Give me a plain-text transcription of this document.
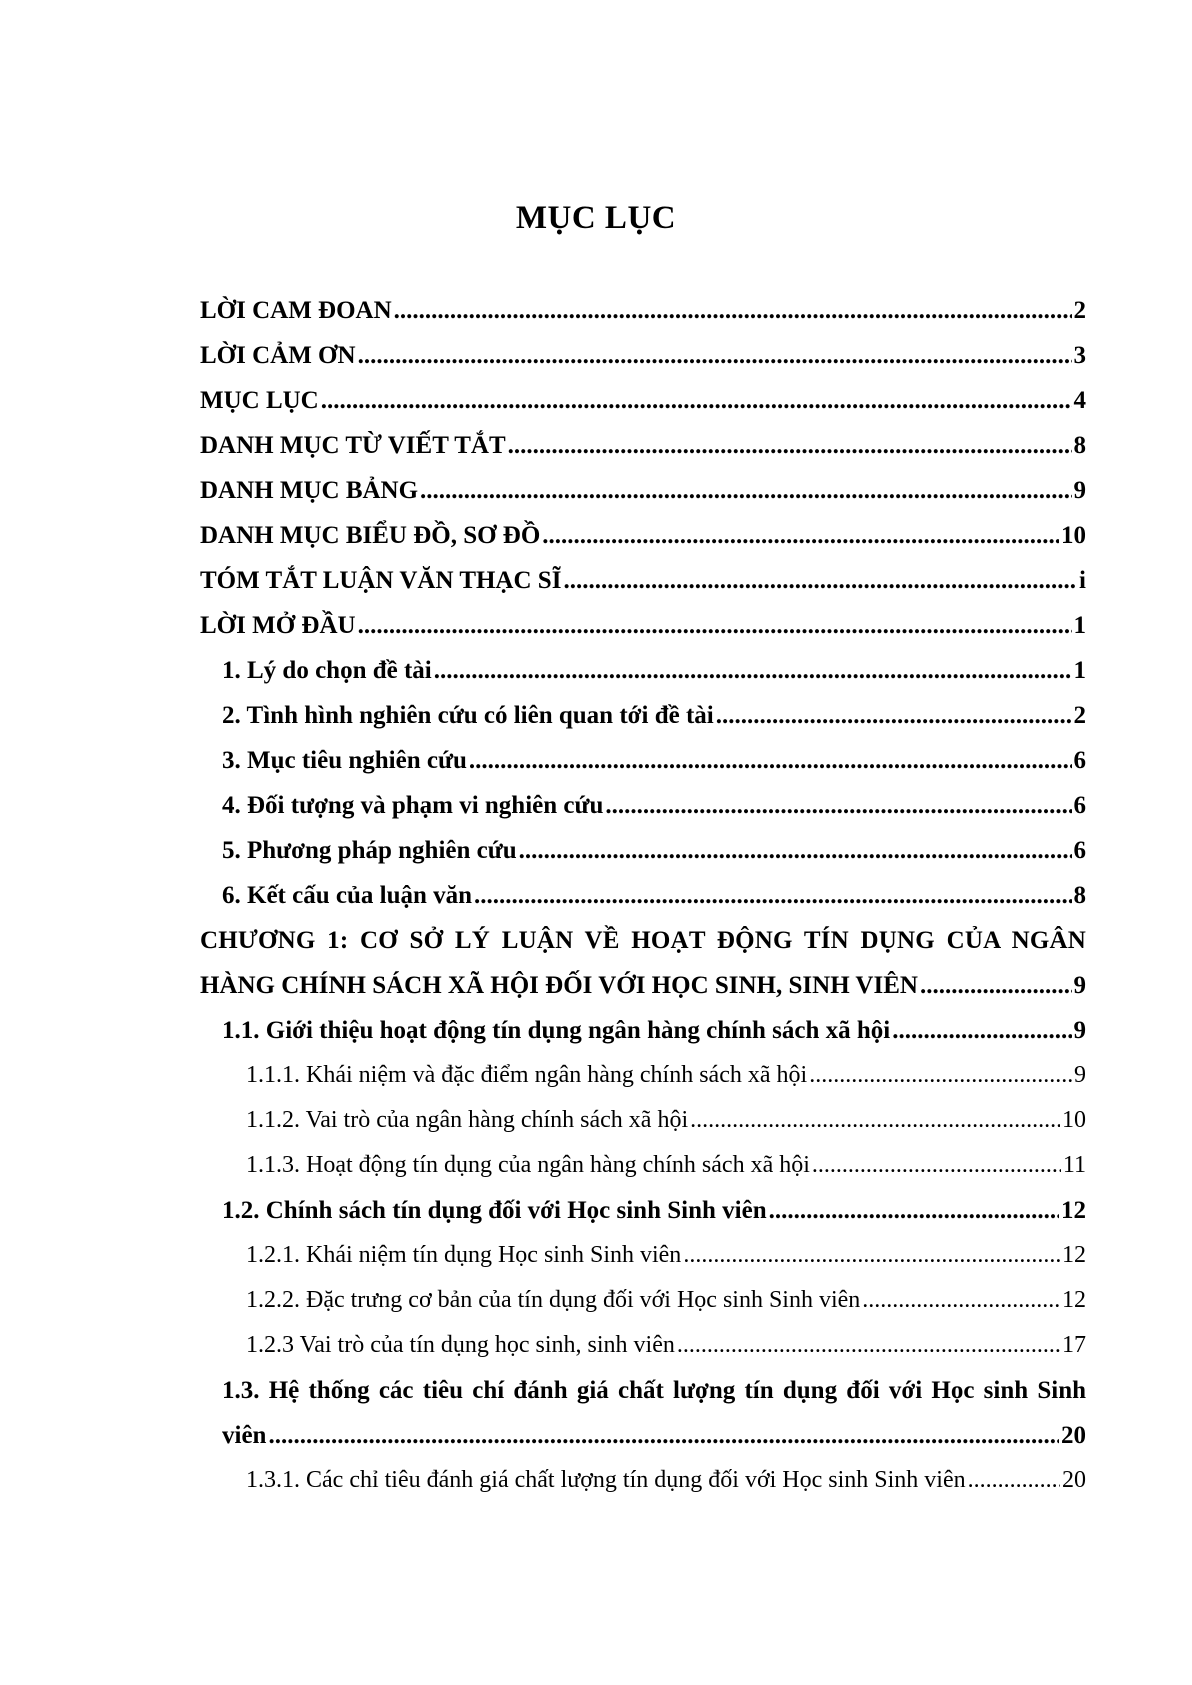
MỤC LỤC
LỜI CAM ĐOAN .....	2
LỜI CẢM ƠN .....	3
MỤC LỤC .....	4
DANH MỤC TỪ VIẾT TẮT .....	8
DANH MỤC BẢNG .....	9
DANH MỤC BIỂU ĐỒ, SƠ ĐỒ .....	10
TÓM TẮT LUẬN VĂN THẠC SĨ .....	i
LỜI MỞ ĐẦU .....	1
1. Lý do chọn đề tài .....	1
2. Tình hình nghiên cứu có liên quan tới đề tài .....	2
3. Mục tiêu nghiên cứu .....	6
4. Đối tượng và phạm vi nghiên cứu .....	6
5. Phương pháp nghiên cứu .....	6
6. Kết cấu của luận văn .....	8
CHƯƠNG 1: CƠ SỞ LÝ LUẬN VỀ HOẠT ĐỘNG TÍN DỤNG CỦA NGÂN
HÀNG CHÍNH SÁCH XÃ HỘI ĐỐI VỚI HỌC SINH, SINH VIÊN .....	9
1.1. Giới thiệu hoạt động tín dụng ngân hàng chính sách xã hội .....	9
1.1.1. Khái niệm và đặc điểm ngân hàng chính sách xã hội .....	9
1.1.2. Vai trò của ngân hàng chính sách xã hội .....	10
1.1.3. Hoạt động tín dụng của ngân hàng chính sách xã hội .....	11
1.2. Chính sách tín dụng đối với Học sinh Sinh viên .....	12
1.2.1. Khái niệm tín dụng Học sinh Sinh viên .....	12
1.2.2. Đặc trưng cơ bản của tín dụng đối với Học sinh Sinh viên .....	12
1.2.3 Vai trò của tín dụng học sinh, sinh viên .....	17
1.3. Hệ thống các tiêu chí đánh giá chất lượng tín dụng đối với Học sinh Sinh
viên .....	20
1.3.1. Các chỉ tiêu đánh giá chất lượng tín dụng đối với Học sinh Sinh viên .....	20
